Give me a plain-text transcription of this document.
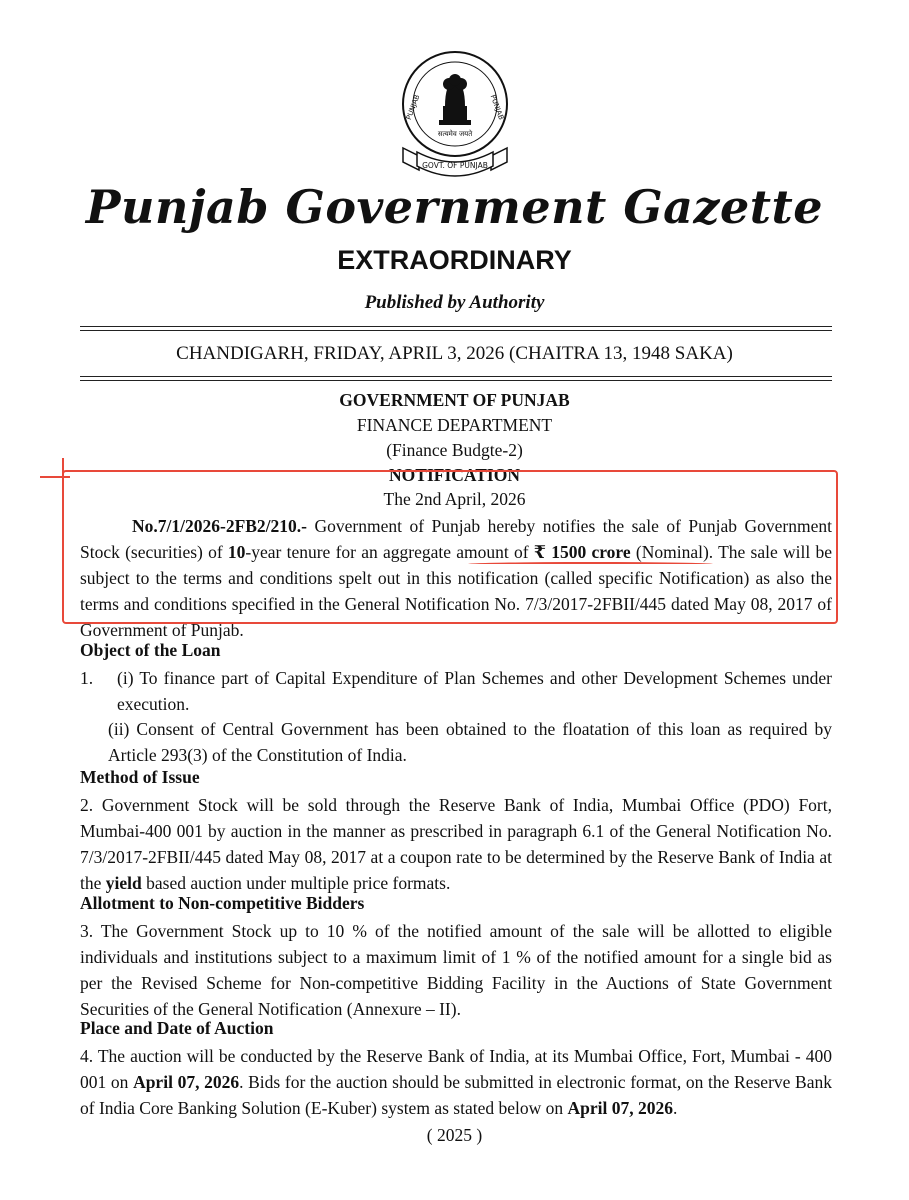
सत्यमेव जयते
PUNJAB	PUNJAB
GOVT. OF PUNJAB
Punjab Government Gazette
EXTRAORDINARY
Published by Authority
CHANDIGARH, FRIDAY, APRIL 3, 2026 (CHAITRA 13, 1948 SAKA)
GOVERNMENT OF PUNJAB
FINANCE DEPARTMENT
(Finance Budgte-2)
NOTIFICATION
The 2nd April, 2026
No.7/1/2026-2FB2/210.- Government of Punjab hereby notifies the sale of Punjab Government Stock (securities) of 10-year tenure for an aggregate amount of ₹ 1500 crore (Nominal). The sale will be subject to the terms and conditions spelt out in this notification (called specific Notification) as also the terms and conditions specified in the General Notification No. 7/3/2017-2FBII/445 dated May 08, 2017 of Government of Punjab.
Object of the Loan
1. (i) To finance part of Capital Expenditure of Plan Schemes and other Development Schemes under execution.
(ii) Consent of Central Government has been obtained to the floatation of this loan as required by Article 293(3) of the Constitution of India.
Method of Issue
2. Government Stock will be sold through the Reserve Bank of India, Mumbai Office (PDO) Fort, Mumbai-400 001 by auction in the manner as prescribed in paragraph 6.1 of the General Notification No. 7/3/2017-2FBII/445 dated May 08, 2017 at a coupon rate to be determined by the Reserve Bank of India at the yield based auction under multiple price formats.
Allotment to Non-competitive Bidders
3. The Government Stock up to 10 % of the notified amount of the sale will be allotted to eligible individuals and institutions subject to a maximum limit of 1 % of the notified amount for a single bid as per the Revised Scheme for Non-competitive Bidding Facility in the Auctions of State Government Securities of the General Notification (Annexure – II).
Place and Date of Auction
4. The auction will be conducted by the Reserve Bank of India, at its Mumbai Office, Fort, Mumbai - 400 001 on April 07, 2026. Bids for the auction should be submitted in electronic format, on the Reserve Bank of India Core Banking Solution (E-Kuber) system as stated below on April 07, 2026.
( 2025 )
